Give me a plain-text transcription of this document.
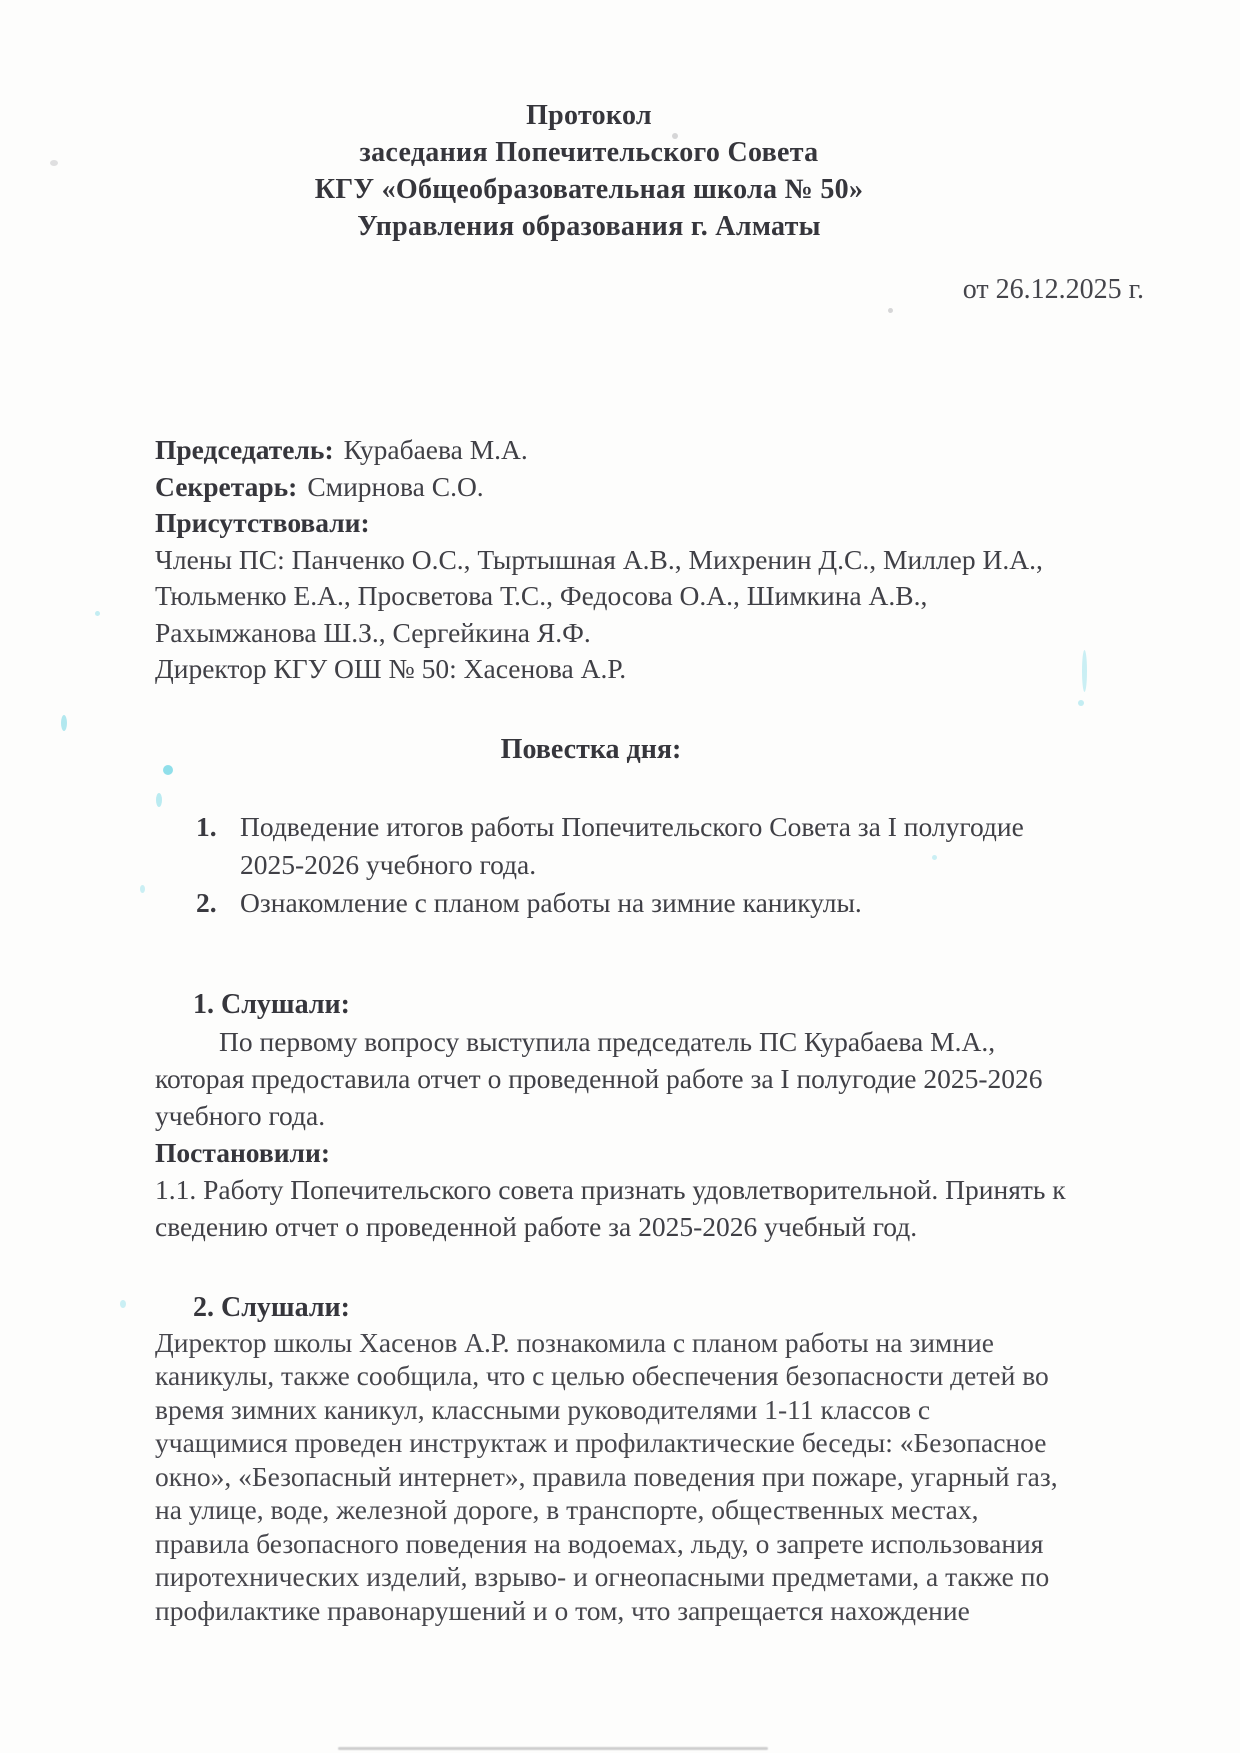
Протокол
заседания Попечительского Совета
КГУ «Общеобразовательная школа № 50»
Управления образования г. Алматы
от 26.12.2025 г.
Председатель: Курабаева М.А.
Секретарь: Смирнова С.О.
Присутствовали:
Члены ПС: Панченко О.С., Тыртышная А.В., Михренин Д.С., Миллер И.А.,
Тюльменко Е.А., Просветова Т.С., Федосова О.А., Шимкина А.В.,
Рахымжанова Ш.З., Сергейкина Я.Ф.
Директор КГУ ОШ № 50: Хасенова А.Р.
Повестка дня:
1. Подведение итогов работы Попечительского Совета за I полугодие
2025-2026 учебного года.
2. Ознакомление с планом работы на зимние каникулы.
1. Слушали:
По первому вопросу выступила председатель ПС Курабаева М.А.,
которая предоставила отчет о проведенной работе за I полугодие 2025-2026
учебного года.
Постановили:
1.1. Работу Попечительского совета признать удовлетворительной. Принять к
сведению отчет о проведенной работе за 2025-2026 учебный год.
2. Слушали:
Директор школы Хасенов А.Р. познакомила с планом работы на зимние
каникулы, также сообщила, что с целью обеспечения безопасности детей во
время зимних каникул, классными руководителями 1-11 классов с
учащимися проведен инструктаж и профилактические беседы: «Безопасное
окно», «Безопасный интернет», правила поведения при пожаре, угарный газ,
на улице, воде, железной дороге, в транспорте, общественных местах,
правила безопасного поведения на водоемах, льду, о запрете использования
пиротехнических изделий, взрыво- и огнеопасными предметами, а также по
профилактике правонарушений и о том, что запрещается нахождение
